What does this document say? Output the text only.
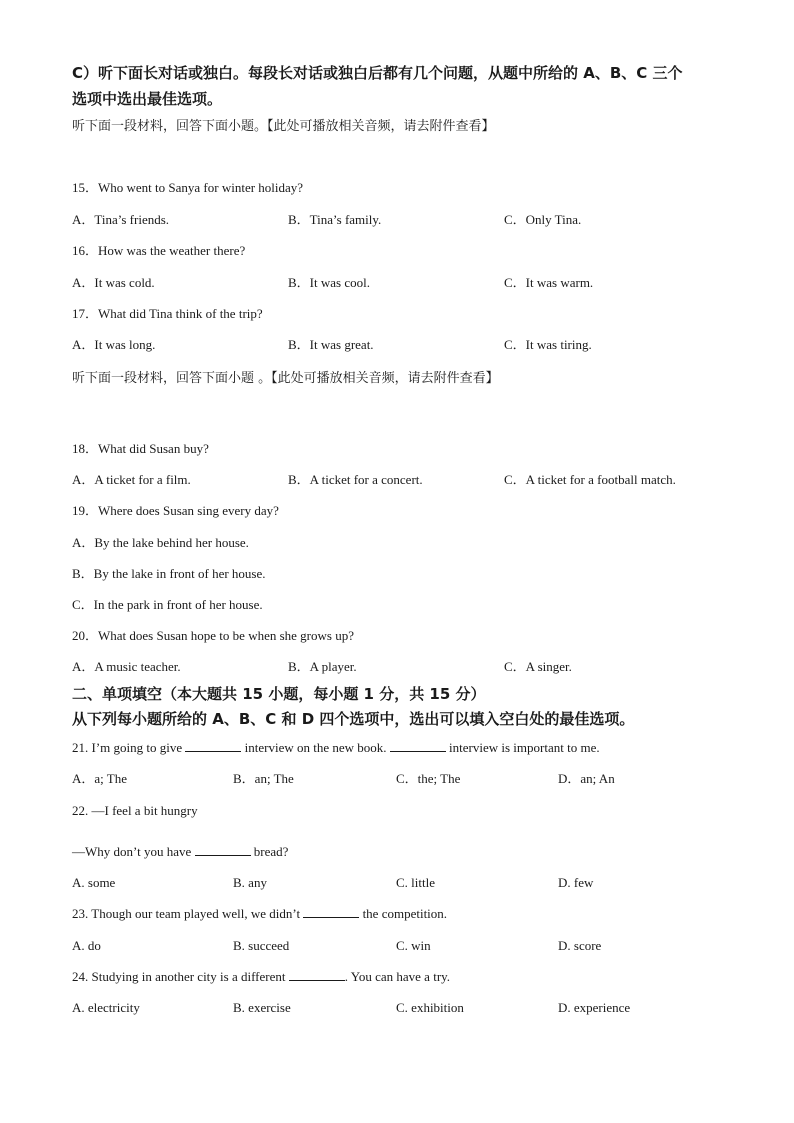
C）听下面长对话或独白。每段长对话或独白后都有几个问题，从题中所给的 A、B、C 三个
选项中选出最佳选项。
听下面一段材料，回答下面小题。【此处可播放相关音频，请去附件查看】
15．Who went to Sanya for winter holiday?
A．Tina’s friends.	B．Tina’s family.	C．Only Tina.
16．How was the weather there?
A．It was cold.	B．It was cool.	C．It was warm.
17．What did Tina think of the trip?
A．It was long.	B．It was great.	C．It was tiring.
听下面一段材料，回答下面小题 。【此处可播放相关音频，请去附件查看】
18．What did Susan buy?
A．A ticket for a film.	B．A ticket for a concert.	C．A ticket for a football match.
19．Where does Susan sing every day?
A．By the lake behind her house.
B．By the lake in front of her house.
C．In the park in front of her house.
20．What does Susan hope to be when she grows up?
A．A music teacher.	B．A player.	C．A singer.
二、单项填空（本大题共 15 小题，每小题 1 分，共 15 分）
从下列每小题所给的 A、B、C 和 D 四个选项中，选出可以填入空白处的最佳选项。
21. I’m going to give	interview on the new book.	interview is important to me.
A．a; The	B．an; The	C．the; The	D．an; An
22. —I feel a bit hungry
—Why don’t you have	bread?
A. some	B. any	C. little	D. few
23. Though our team played well, we didn’t	the competition.
A. do	B. succeed	C. win	D. score
24. Studying in another city is a different	. You can have a try.
A. electricity	B. exercise	C. exhibition	D. experience
